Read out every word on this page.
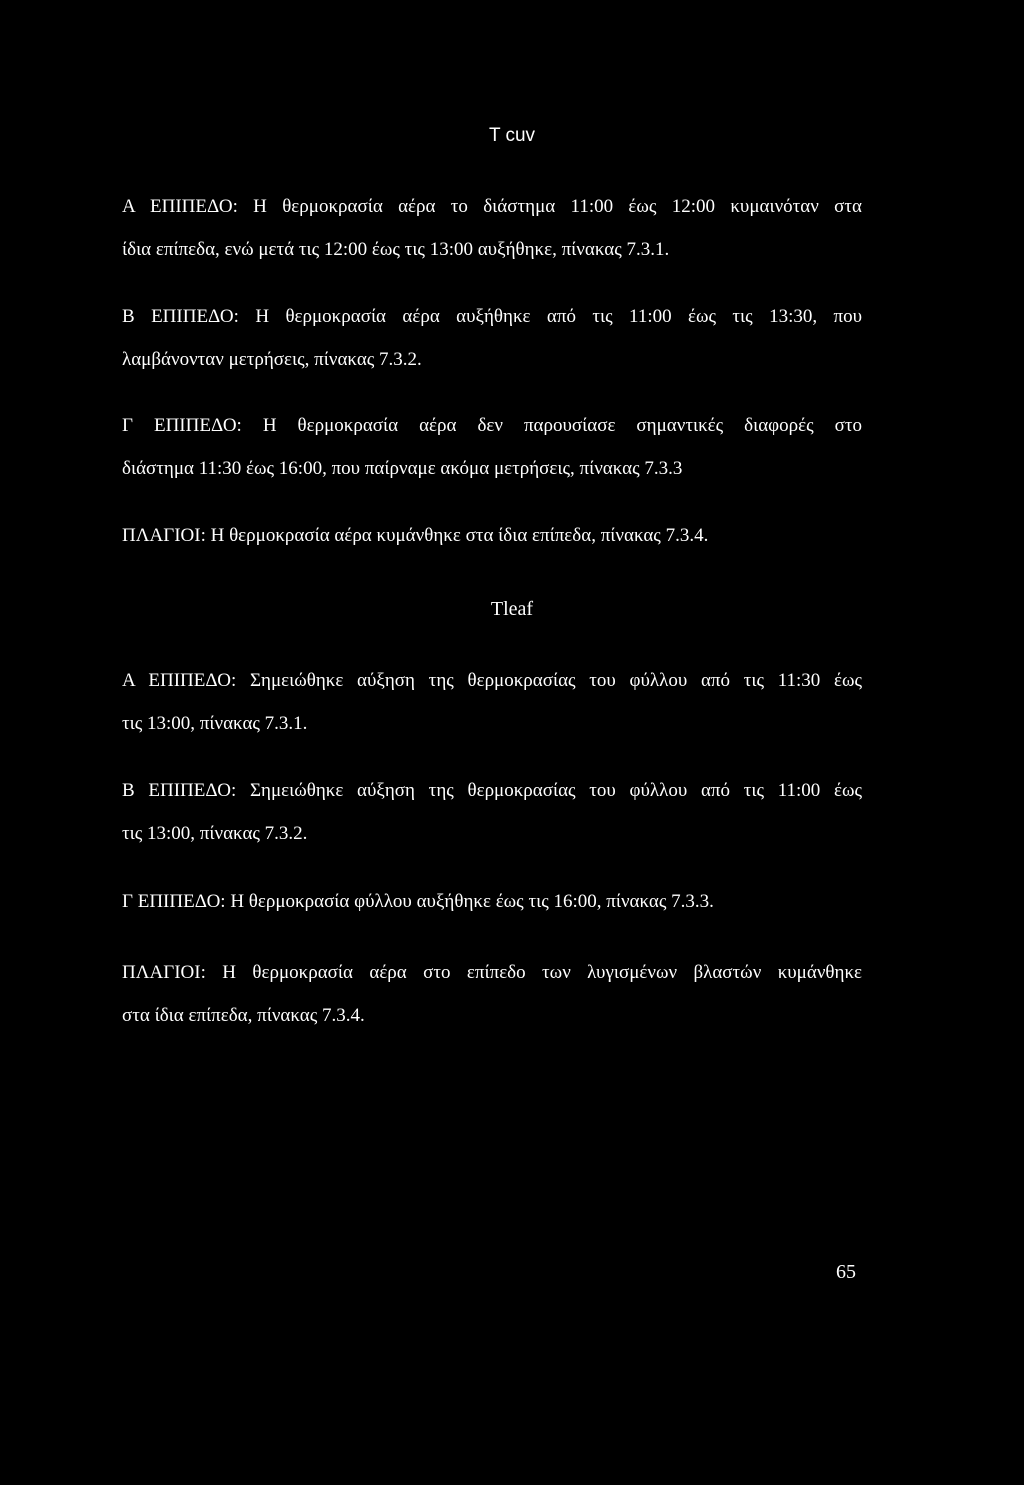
T cuv
Α ΕΠΙΠΕΔΟ: Η θερμοκρασία αέρα το διάστημα 11:00 έως 12:00 κυμαινόταν στα
ίδια επίπεδα, ενώ μετά τις 12:00 έως τις 13:00 αυξήθηκε, πίνακας 7.3.1.
Β ΕΠΙΠΕΔΟ: Η θερμοκρασία αέρα αυξήθηκε από τις 11:00 έως τις 13:30, που
λαμβάνονταν μετρήσεις, πίνακας 7.3.2.
Γ ΕΠΙΠΕΔΟ: Η θερμοκρασία αέρα δεν παρουσίασε σημαντικές διαφορές στο
διάστημα 11:30 έως 16:00, που παίρναμε ακόμα μετρήσεις, πίνακας 7.3.3
ΠΛΑΓΙΟΙ: Η θερμοκρασία αέρα κυμάνθηκε στα ίδια επίπεδα, πίνακας 7.3.4.
Tleaf
Α ΕΠΙΠΕΔΟ: Σημειώθηκε αύξηση της θερμοκρασίας του φύλλου από τις 11:30 έως
τις 13:00, πίνακας 7.3.1.
Β ΕΠΙΠΕΔΟ: Σημειώθηκε αύξηση της θερμοκρασίας του φύλλου από τις 11:00 έως
τις 13:00, πίνακας 7.3.2.
Γ ΕΠΙΠΕΔΟ: Η θερμοκρασία φύλλου αυξήθηκε έως τις 16:00, πίνακας 7.3.3.
ΠΛΑΓΙΟΙ: Η θερμοκρασία αέρα στο επίπεδο των λυγισμένων βλαστών κυμάνθηκε
στα ίδια επίπεδα, πίνακας 7.3.4.
65
